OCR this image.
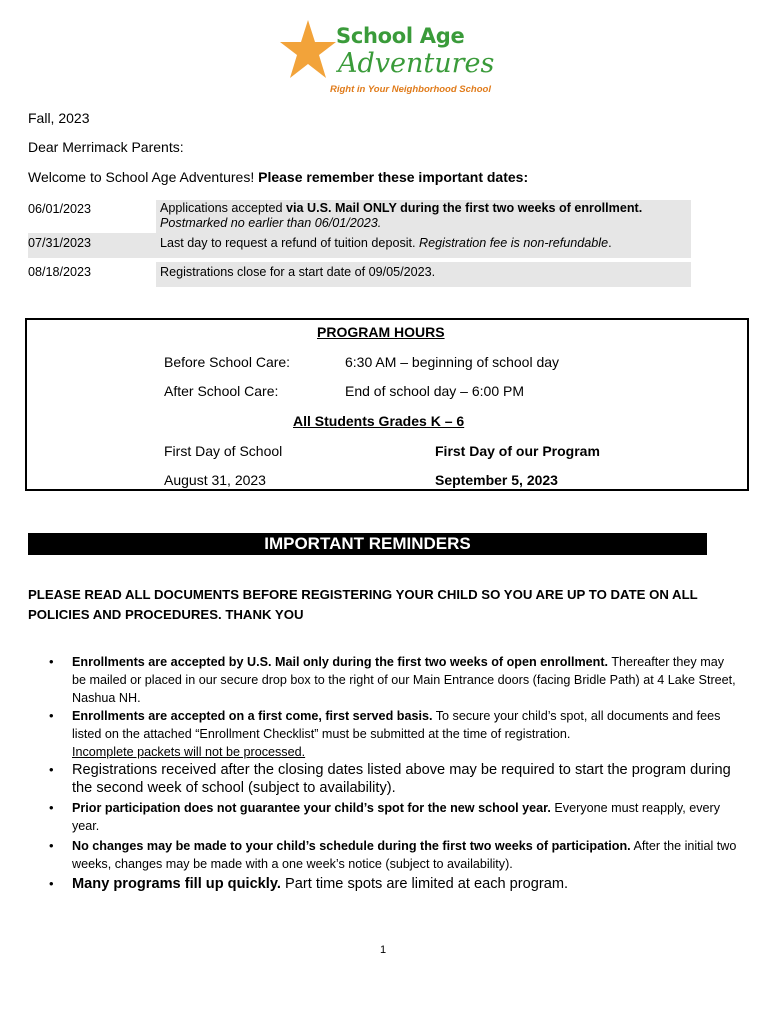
School Age
Adventures
Right in Your Neighborhood School
Fall, 2023
Dear Merrimack Parents:
Welcome to School Age Adventures! Please remember these important dates:
06/01/2023	Applications accepted via U.S. Mail ONLY during the first two weeks of enrollment. Postmarked no earlier than 06/01/2023.
07/31/2023	Last day to request a refund of tuition deposit. Registration fee is non-refundable.
08/18/2023	Registrations close for a start date of 09/05/2023.
PROGRAM HOURS
Before School Care:	6:30 AM – beginning of school day
After School Care:	End of school day – 6:00 PM
All Students Grades K – 6
First Day of School	First Day of our Program
August 31, 2023	September 5, 2023
IMPORTANT REMINDERS
PLEASE READ ALL DOCUMENTS BEFORE REGISTERING YOUR CHILD SO YOU ARE UP TO DATE ON ALL POLICIES AND PROCEDURES. THANK YOU
• Enrollments are accepted by U.S. Mail only during the first two weeks of open enrollment. Thereafter they may be mailed or placed in our secure drop box to the right of our Main Entrance doors (facing Bridle Path) at 4 Lake Street, Nashua NH.
• Enrollments are accepted on a first come, first served basis. To secure your child’s spot, all documents and fees listed on the attached “Enrollment Checklist” must be submitted at the time of registration.
Incomplete packets will not be processed.
• Registrations received after the closing dates listed above may be required to start the program during the second week of school (subject to availability).
• Prior participation does not guarantee your child’s spot for the new school year. Everyone must reapply, every year.
• No changes may be made to your child’s schedule during the first two weeks of participation. After the initial two weeks, changes may be made with a one week’s notice (subject to availability).
• Many programs fill up quickly. Part time spots are limited at each program.
1
